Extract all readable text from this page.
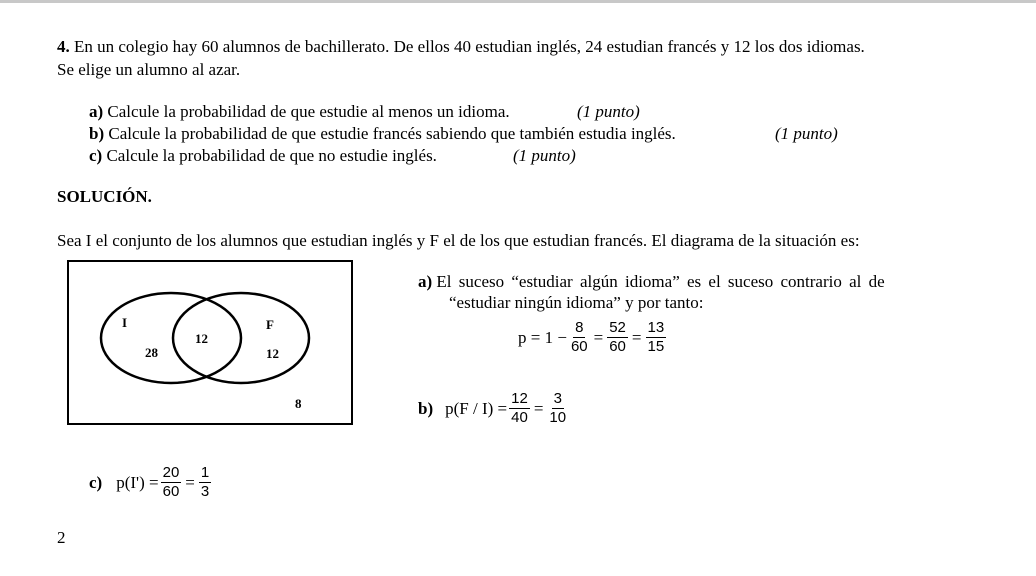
4. En un colegio hay 60 alumnos de bachillerato. De ellos 40 estudian inglés, 24 estudian francés y 12 los dos idiomas.
Se elige un alumno al azar.
a) Calcule la probabilidad de que estudie al menos un idioma.	(1 punto)
b) Calcule la probabilidad de que estudie francés sabiendo que también estudia inglés.	(1 punto)
c) Calcule la probabilidad de que no estudie inglés.	(1 punto)
SOLUCIÓN.
Sea I el conjunto de los alumnos que estudian inglés y F el de los que estudian francés. El diagrama de la situación es:
I	F
28
12
12
8
a) El suceso “estudiar algún idioma” es el suceso contrario al de
“estudiar ningún idioma” y por tanto:
$p = 1 - \frac{8}{60} = \frac{52}{60} = \frac{13}{15}$
b) $p(F / I) = \frac{12}{40} = \frac{3}{10}$
c) $p(I') = \frac{20}{60} = \frac{1}{3}$
2
